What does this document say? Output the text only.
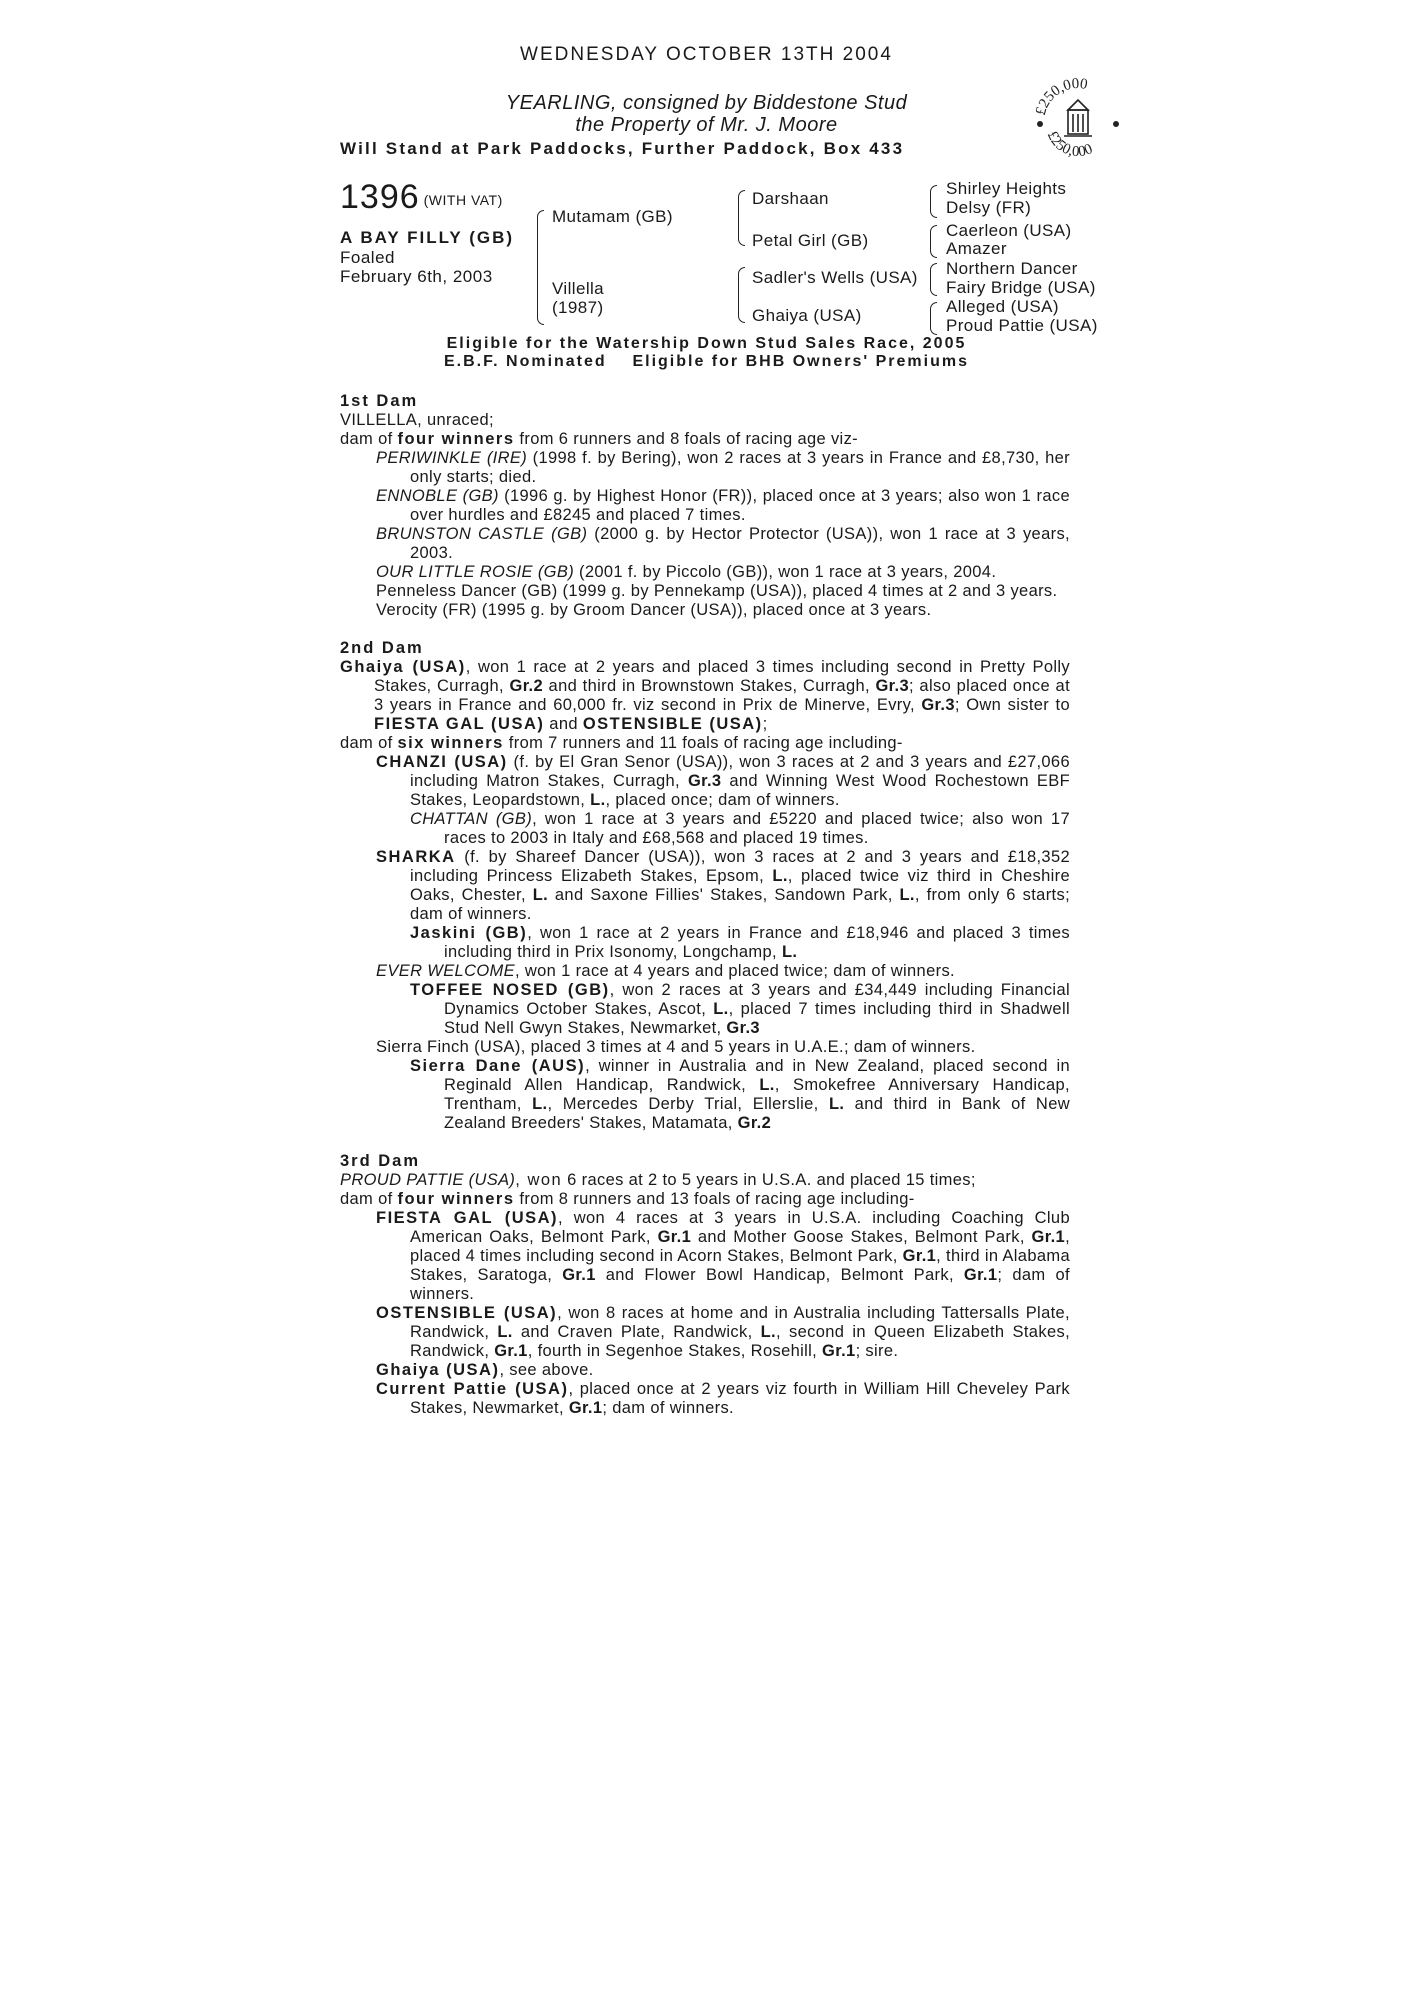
WEDNESDAY OCTOBER 13TH 2004
YEARLING, consigned by Biddestone Stud
the Property of Mr. J. Moore
Will Stand at Park Paddocks, Further Paddock, Box 433
£250,000
£250,000
1396 (WITH VAT)
A BAY FILLY (GB)
Foaled
February 6th, 2003
Mutamam (GB)
Villella
(1987)
Darshaan
Petal Girl (GB)
Sadler's Wells (USA)
Ghaiya (USA)
Shirley Heights
Delsy (FR)
Caerleon (USA)
Amazer
Northern Dancer
Fairy Bridge (USA)
Alleged (USA)
Proud Pattie (USA)
Eligible for the Watership Down Stud Sales Race, 2005
E.B.F. Nominated    Eligible for BHB Owners' Premiums

1st Dam

VILLELLA, unraced;

dam of four winners from 6 runners and 8 foals of racing age viz-

PERIWINKLE (IRE) (1998 f. by Bering), won 2 races at 3 years in France and £8,730, her only starts; died.

ENNOBLE (GB) (1996 g. by Highest Honor (FR)), placed once at 3 years; also won 1 race over hurdles and £8245 and placed 7 times.

BRUNSTON CASTLE (GB) (2000 g. by Hector Protector (USA)), won 1 race at 3 years, 2003.

OUR LITTLE ROSIE (GB) (2001 f. by Piccolo (GB)), won 1 race at 3 years, 2004.

Penneless Dancer (GB) (1999 g. by Pennekamp (USA)), placed 4 times at 2 and 3 years.

Verocity (FR) (1995 g. by Groom Dancer (USA)), placed once at 3 years.

2nd Dam

Ghaiya (USA), won 1 race at 2 years and placed 3 times including second in Pretty Polly Stakes, Curragh, Gr.2 and third in Brownstown Stakes, Curragh, Gr.3; also placed once at 3 years in France and 60,000 fr. viz second in Prix de Minerve, Evry, Gr.3; Own sister to FIESTA GAL (USA) and OSTENSIBLE (USA);

dam of six winners from 7 runners and 11 foals of racing age including-

CHANZI (USA) (f. by El Gran Senor (USA)), won 3 races at 2 and 3 years and £27,066 including Matron Stakes, Curragh, Gr.3 and Winning West Wood Rochestown EBF Stakes, Leopardstown, L., placed once; dam of winners.

CHATTAN (GB), won 1 race at 3 years and £5220 and placed twice; also won 17 races to 2003 in Italy and £68,568 and placed 19 times.

SHARKA (f. by Shareef Dancer (USA)), won 3 races at 2 and 3 years and £18,352 including Princess Elizabeth Stakes, Epsom, L., placed twice viz third in Cheshire Oaks, Chester, L. and Saxone Fillies' Stakes, Sandown Park, L., from only 6 starts; dam of winners.

Jaskini (GB), won 1 race at 2 years in France and £18,946 and placed 3 times including third in Prix Isonomy, Longchamp, L.

EVER WELCOME, won 1 race at 4 years and placed twice; dam of winners.

TOFFEE NOSED (GB), won 2 races at 3 years and £34,449 including Financial Dynamics October Stakes, Ascot, L., placed 7 times including third in Shadwell Stud Nell Gwyn Stakes, Newmarket, Gr.3

Sierra Finch (USA), placed 3 times at 4 and 5 years in U.A.E.; dam of winners.

Sierra Dane (AUS), winner in Australia and in New Zealand, placed second in Reginald Allen Handicap, Randwick, L., Smokefree Anniversary Handicap, Trentham, L., Mercedes Derby Trial, Ellerslie, L. and third in Bank of New Zealand Breeders' Stakes, Matamata, Gr.2

3rd Dam

PROUD PATTIE (USA), won 6 races at 2 to 5 years in U.S.A. and placed 15 times;

dam of four winners from 8 runners and 13 foals of racing age including-

FIESTA GAL (USA), won 4 races at 3 years in U.S.A. including Coaching Club American Oaks, Belmont Park, Gr.1 and Mother Goose Stakes, Belmont Park, Gr.1, placed 4 times including second in Acorn Stakes, Belmont Park, Gr.1, third in Alabama Stakes, Saratoga, Gr.1 and Flower Bowl Handicap, Belmont Park, Gr.1; dam of winners.

OSTENSIBLE (USA), won 8 races at home and in Australia including Tattersalls Plate, Randwick, L. and Craven Plate, Randwick, L., second in Queen Elizabeth Stakes, Randwick, Gr.1, fourth in Segenhoe Stakes, Rosehill, Gr.1; sire.

Ghaiya (USA), see above.

Current Pattie (USA), placed once at 2 years viz fourth in William Hill Cheveley Park Stakes, Newmarket, Gr.1; dam of winners.
